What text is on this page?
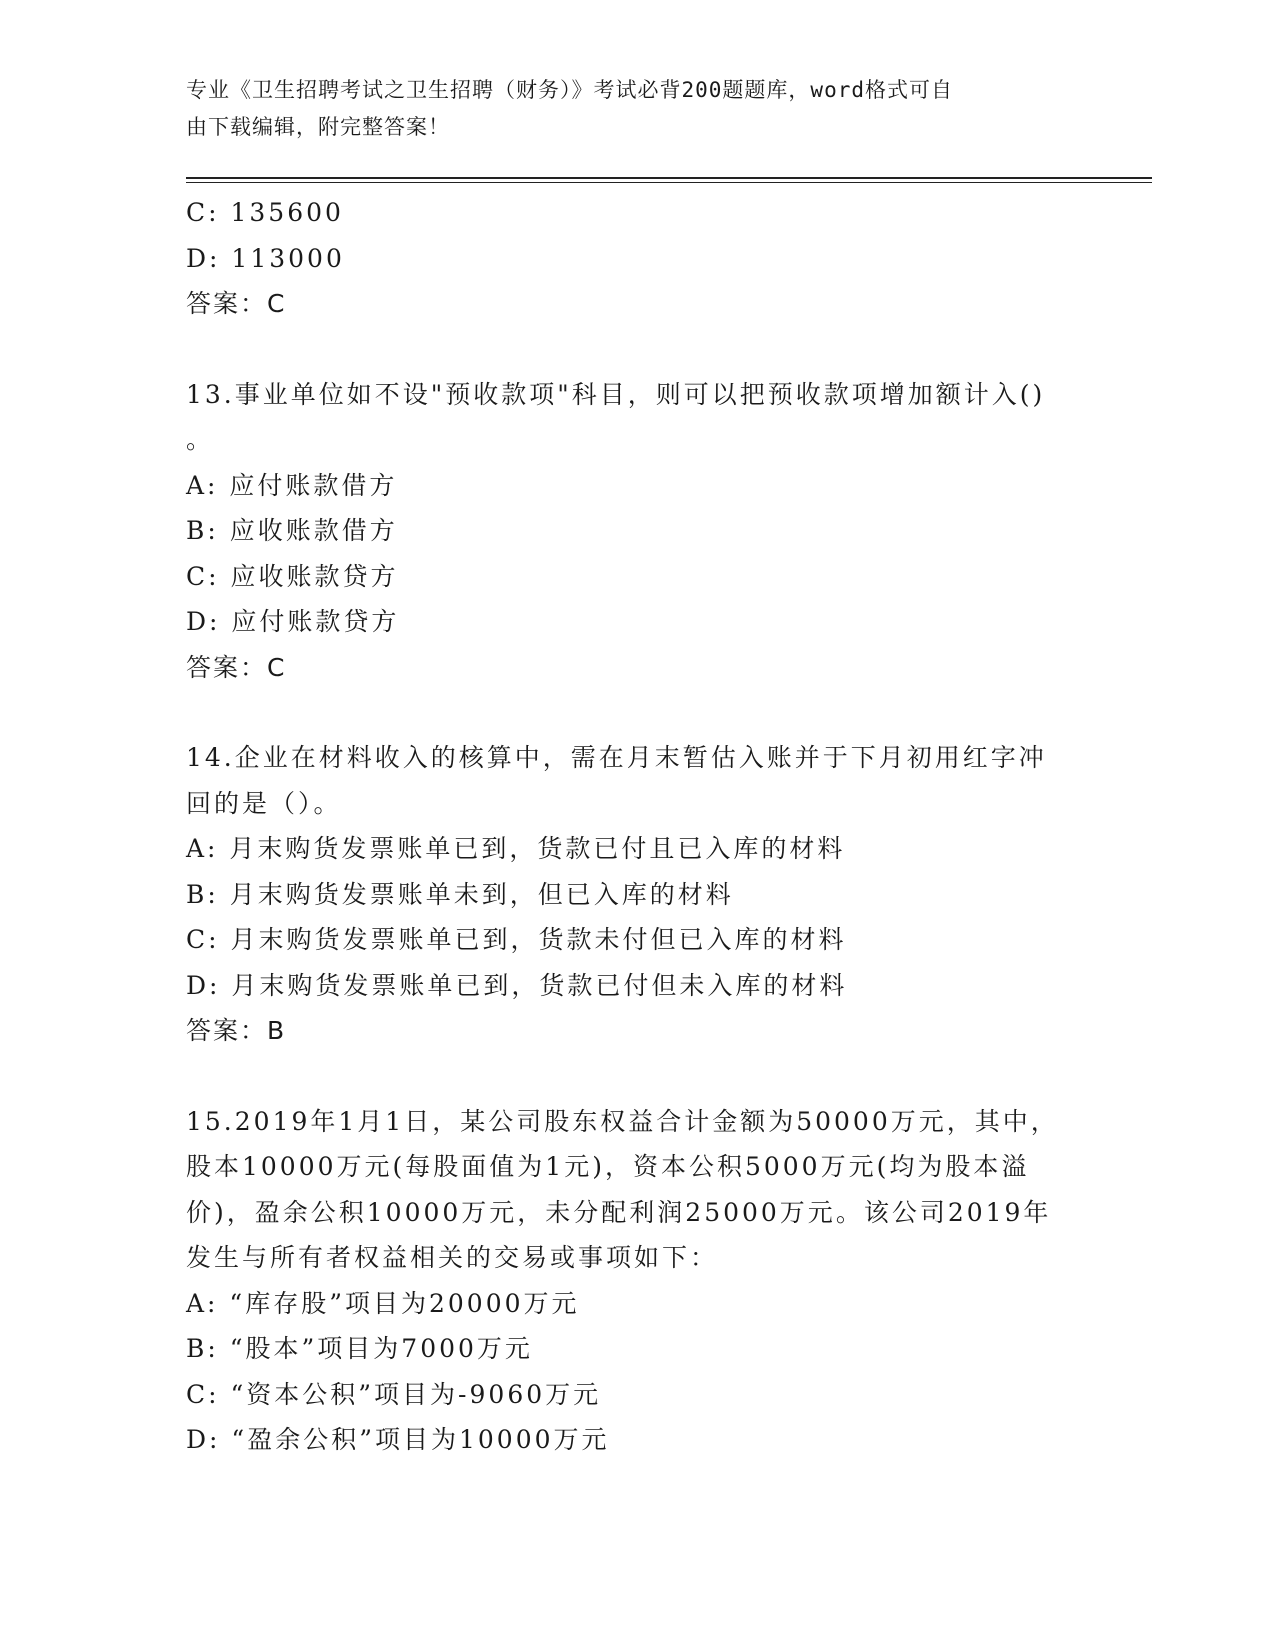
专业《卫生招聘考试之卫生招聘（财务）》考试必背200题题库，word格式可自
由下载编辑，附完整答案！
C: 135600
D: 113000
答案：C
13.事业单位如不设"预收款项"科目，则可以把预收款项增加额计入()
。
A: 应付账款借方
B: 应收账款借方
C: 应收账款贷方
D: 应付账款贷方
答案：C
14.企业在材料收入的核算中，需在月末暂估入账并于下月初用红字冲
回的是（）。
A: 月末购货发票账单已到，货款已付且已入库的材料
B: 月末购货发票账单未到，但已入库的材料
C: 月末购货发票账单已到，货款未付但已入库的材料
D: 月末购货发票账单已到，货款已付但未入库的材料
答案：B
15.2019年1月1日，某公司股东权益合计金额为50000万元，其中，
股本10000万元(每股面值为1元)，资本公积5000万元(均为股本溢
价)，盈余公积10000万元，未分配利润25000万元。该公司2019年
发生与所有者权益相关的交易或事项如下：
A: “库存股”项目为20000万元
B: “股本”项目为7000万元
C: “资本公积”项目为-9060万元
D: “盈余公积”项目为10000万元
